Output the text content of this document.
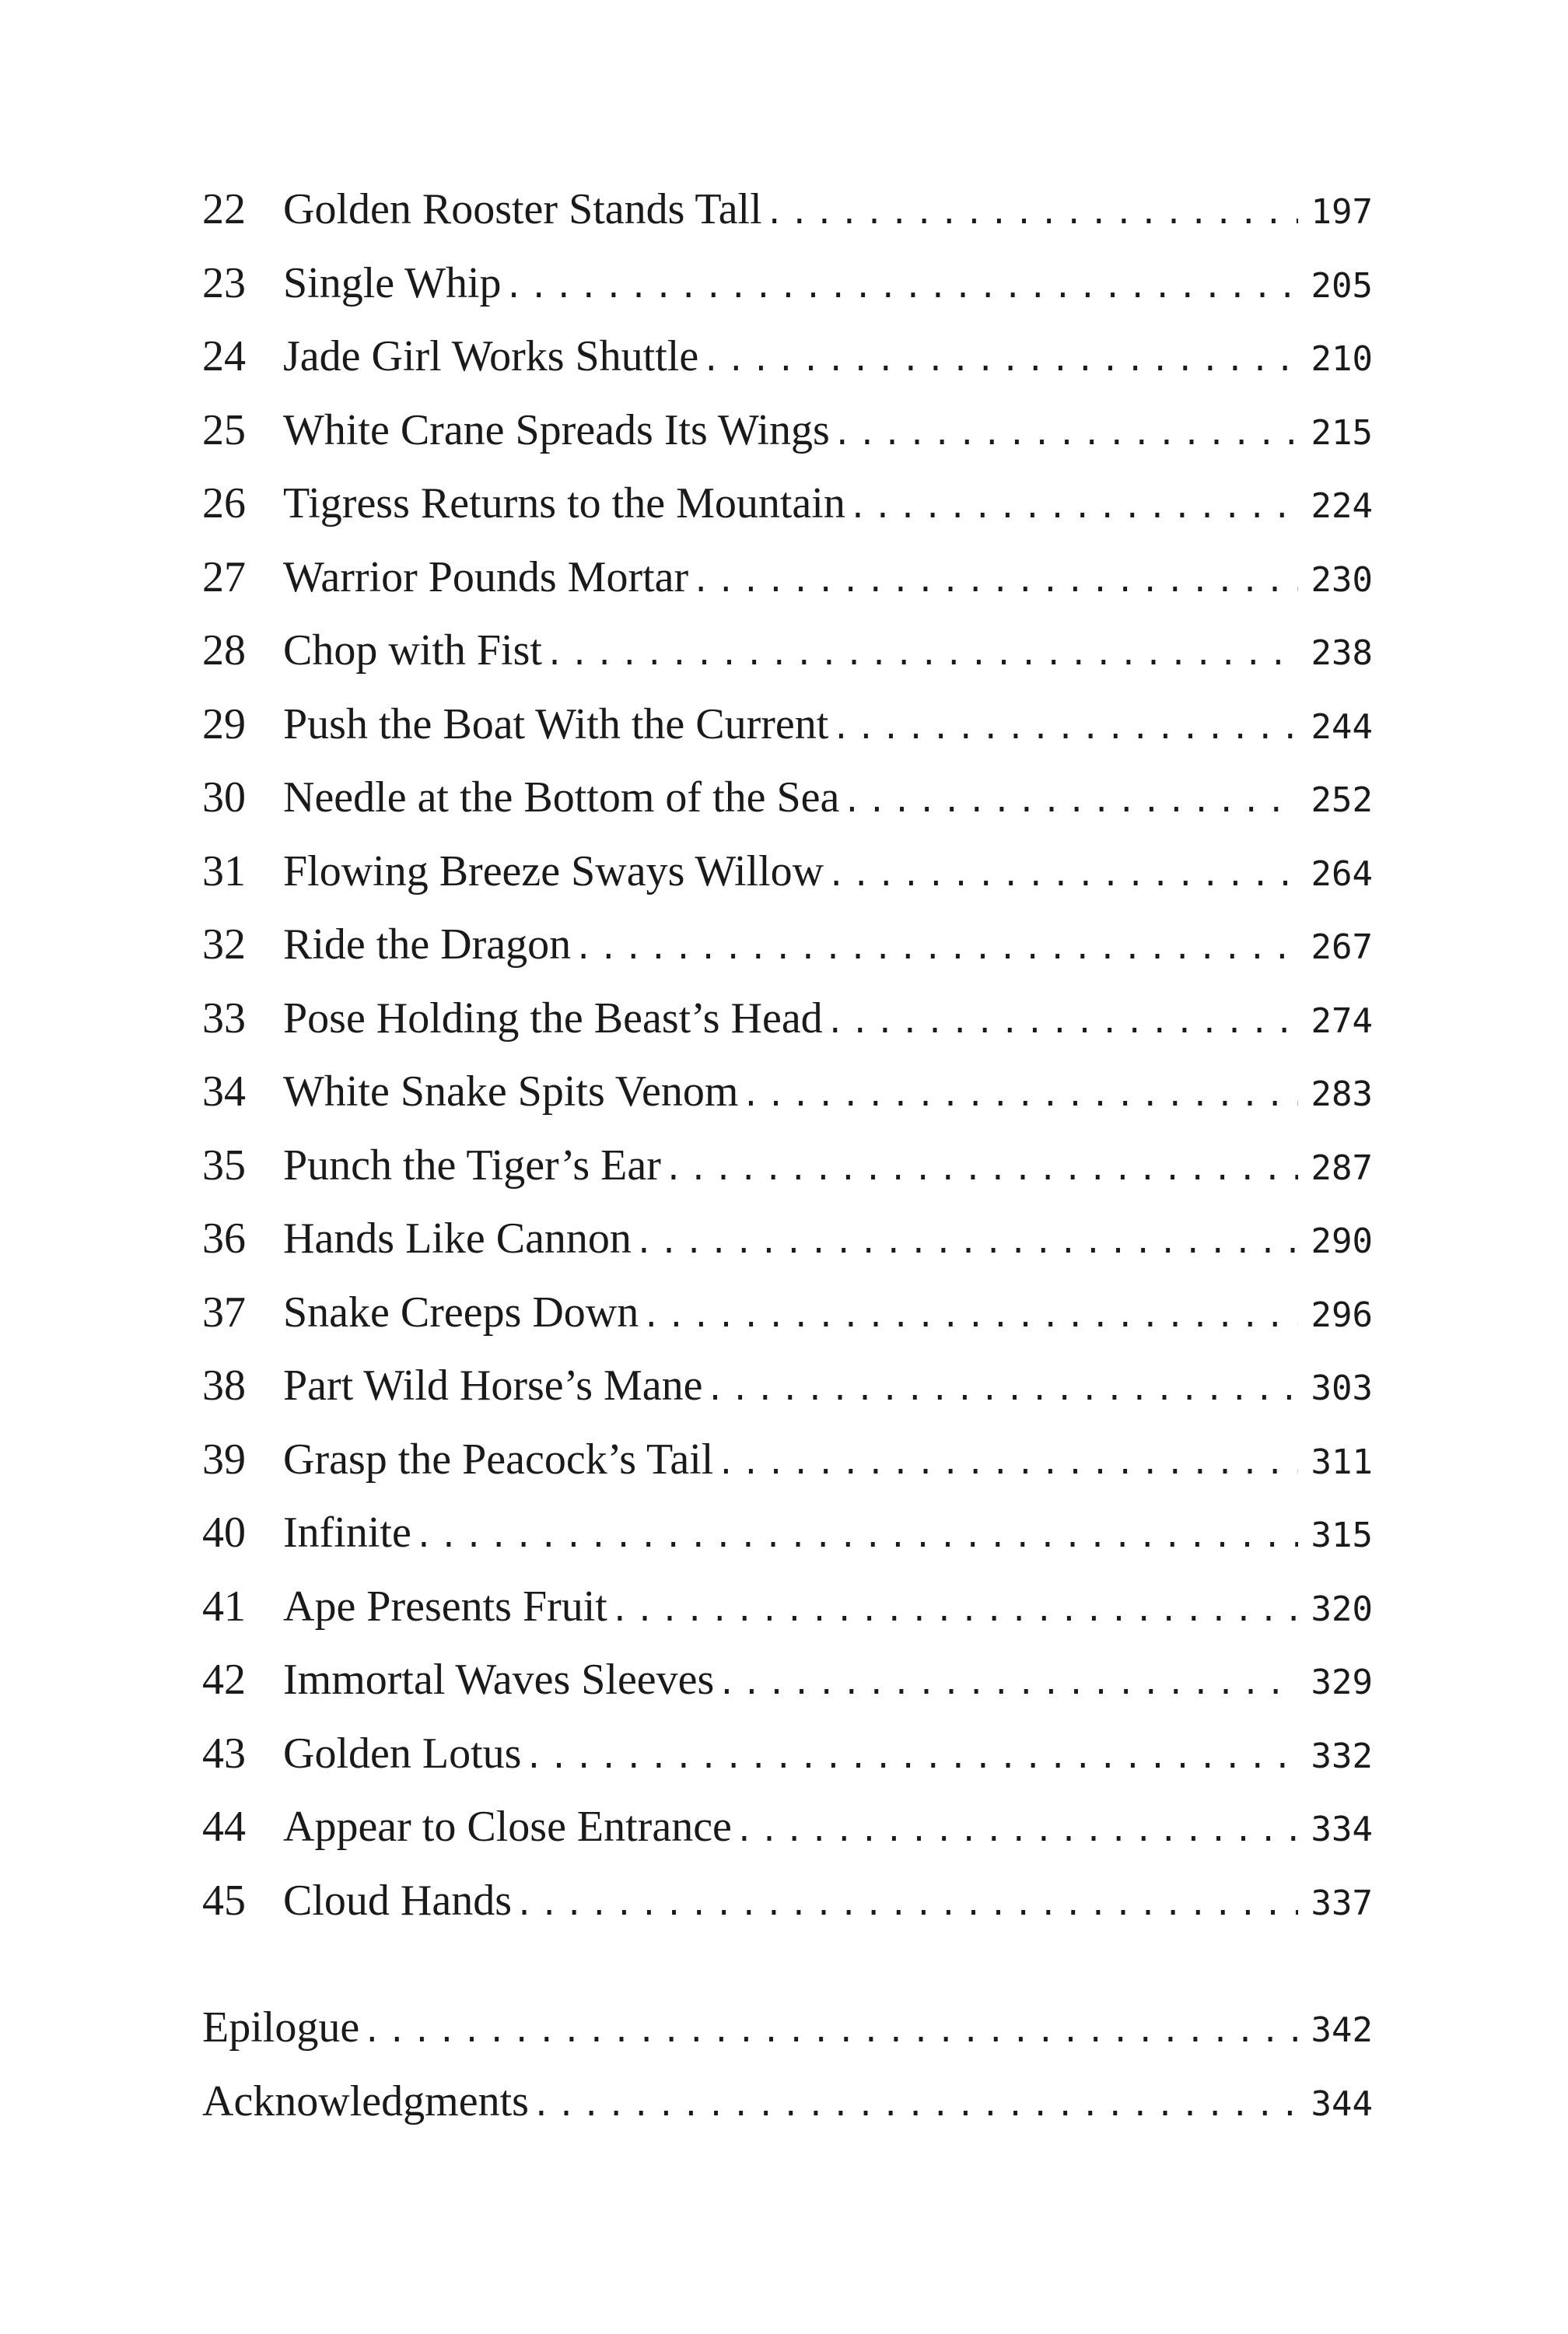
22 Golden Rooster Stands Tall .....	197
23 Single Whip .....	205
24 Jade Girl Works Shuttle .....	210
25 White Crane Spreads Its Wings .....	215
26 Tigress Returns to the Mountain .....	224
27 Warrior Pounds Mortar .....	230
28 Chop with Fist .....	238
29 Push the Boat With the Current .....	244
30 Needle at the Bottom of the Sea .....	252
31 Flowing Breeze Sways Willow .....	264
32 Ride the Dragon .....	267
33 Pose Holding the Beast’s Head .....	274
34 White Snake Spits Venom .....	283
35 Punch the Tiger’s Ear .....	287
36 Hands Like Cannon .....	290
37 Snake Creeps Down .....	296
38 Part Wild Horse’s Mane .....	303
39 Grasp the Peacock’s Tail .....	311
40 Infinite .....	315
41 Ape Presents Fruit .....	320
42 Immortal Waves Sleeves .....	329
43 Golden Lotus .....	332
44 Appear to Close Entrance .....	334
45 Cloud Hands .....	337
Epilogue .....	342
Acknowledgments .....	344
